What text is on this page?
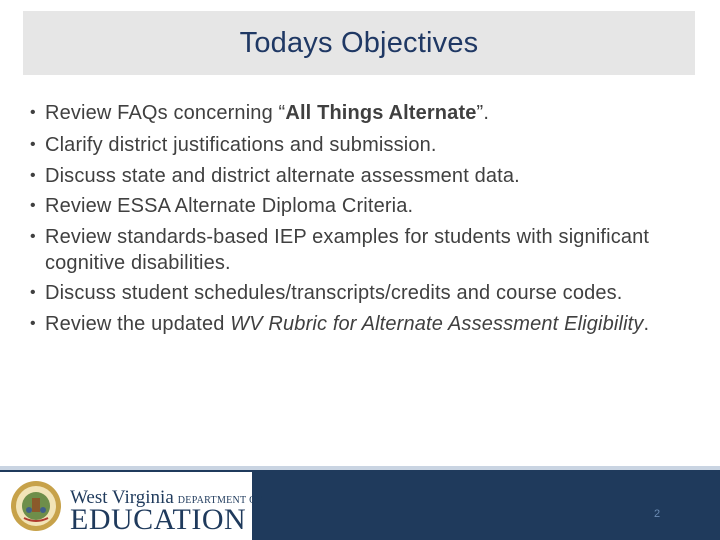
Todays Objectives
• Review FAQs concerning “All Things Alternate”.
• Clarify district justifications and submission.
• Discuss state and district alternate assessment data.
• Review ESSA Alternate Diploma Criteria.
• Review standards-based IEP examples for students with significant cognitive disabilities.
• Discuss student schedules/transcripts/credits and course codes.
• Review the updated WV Rubric for Alternate Assessment Eligibility.
West Virginia DEPARTMENT OF
EDUCATION	2
